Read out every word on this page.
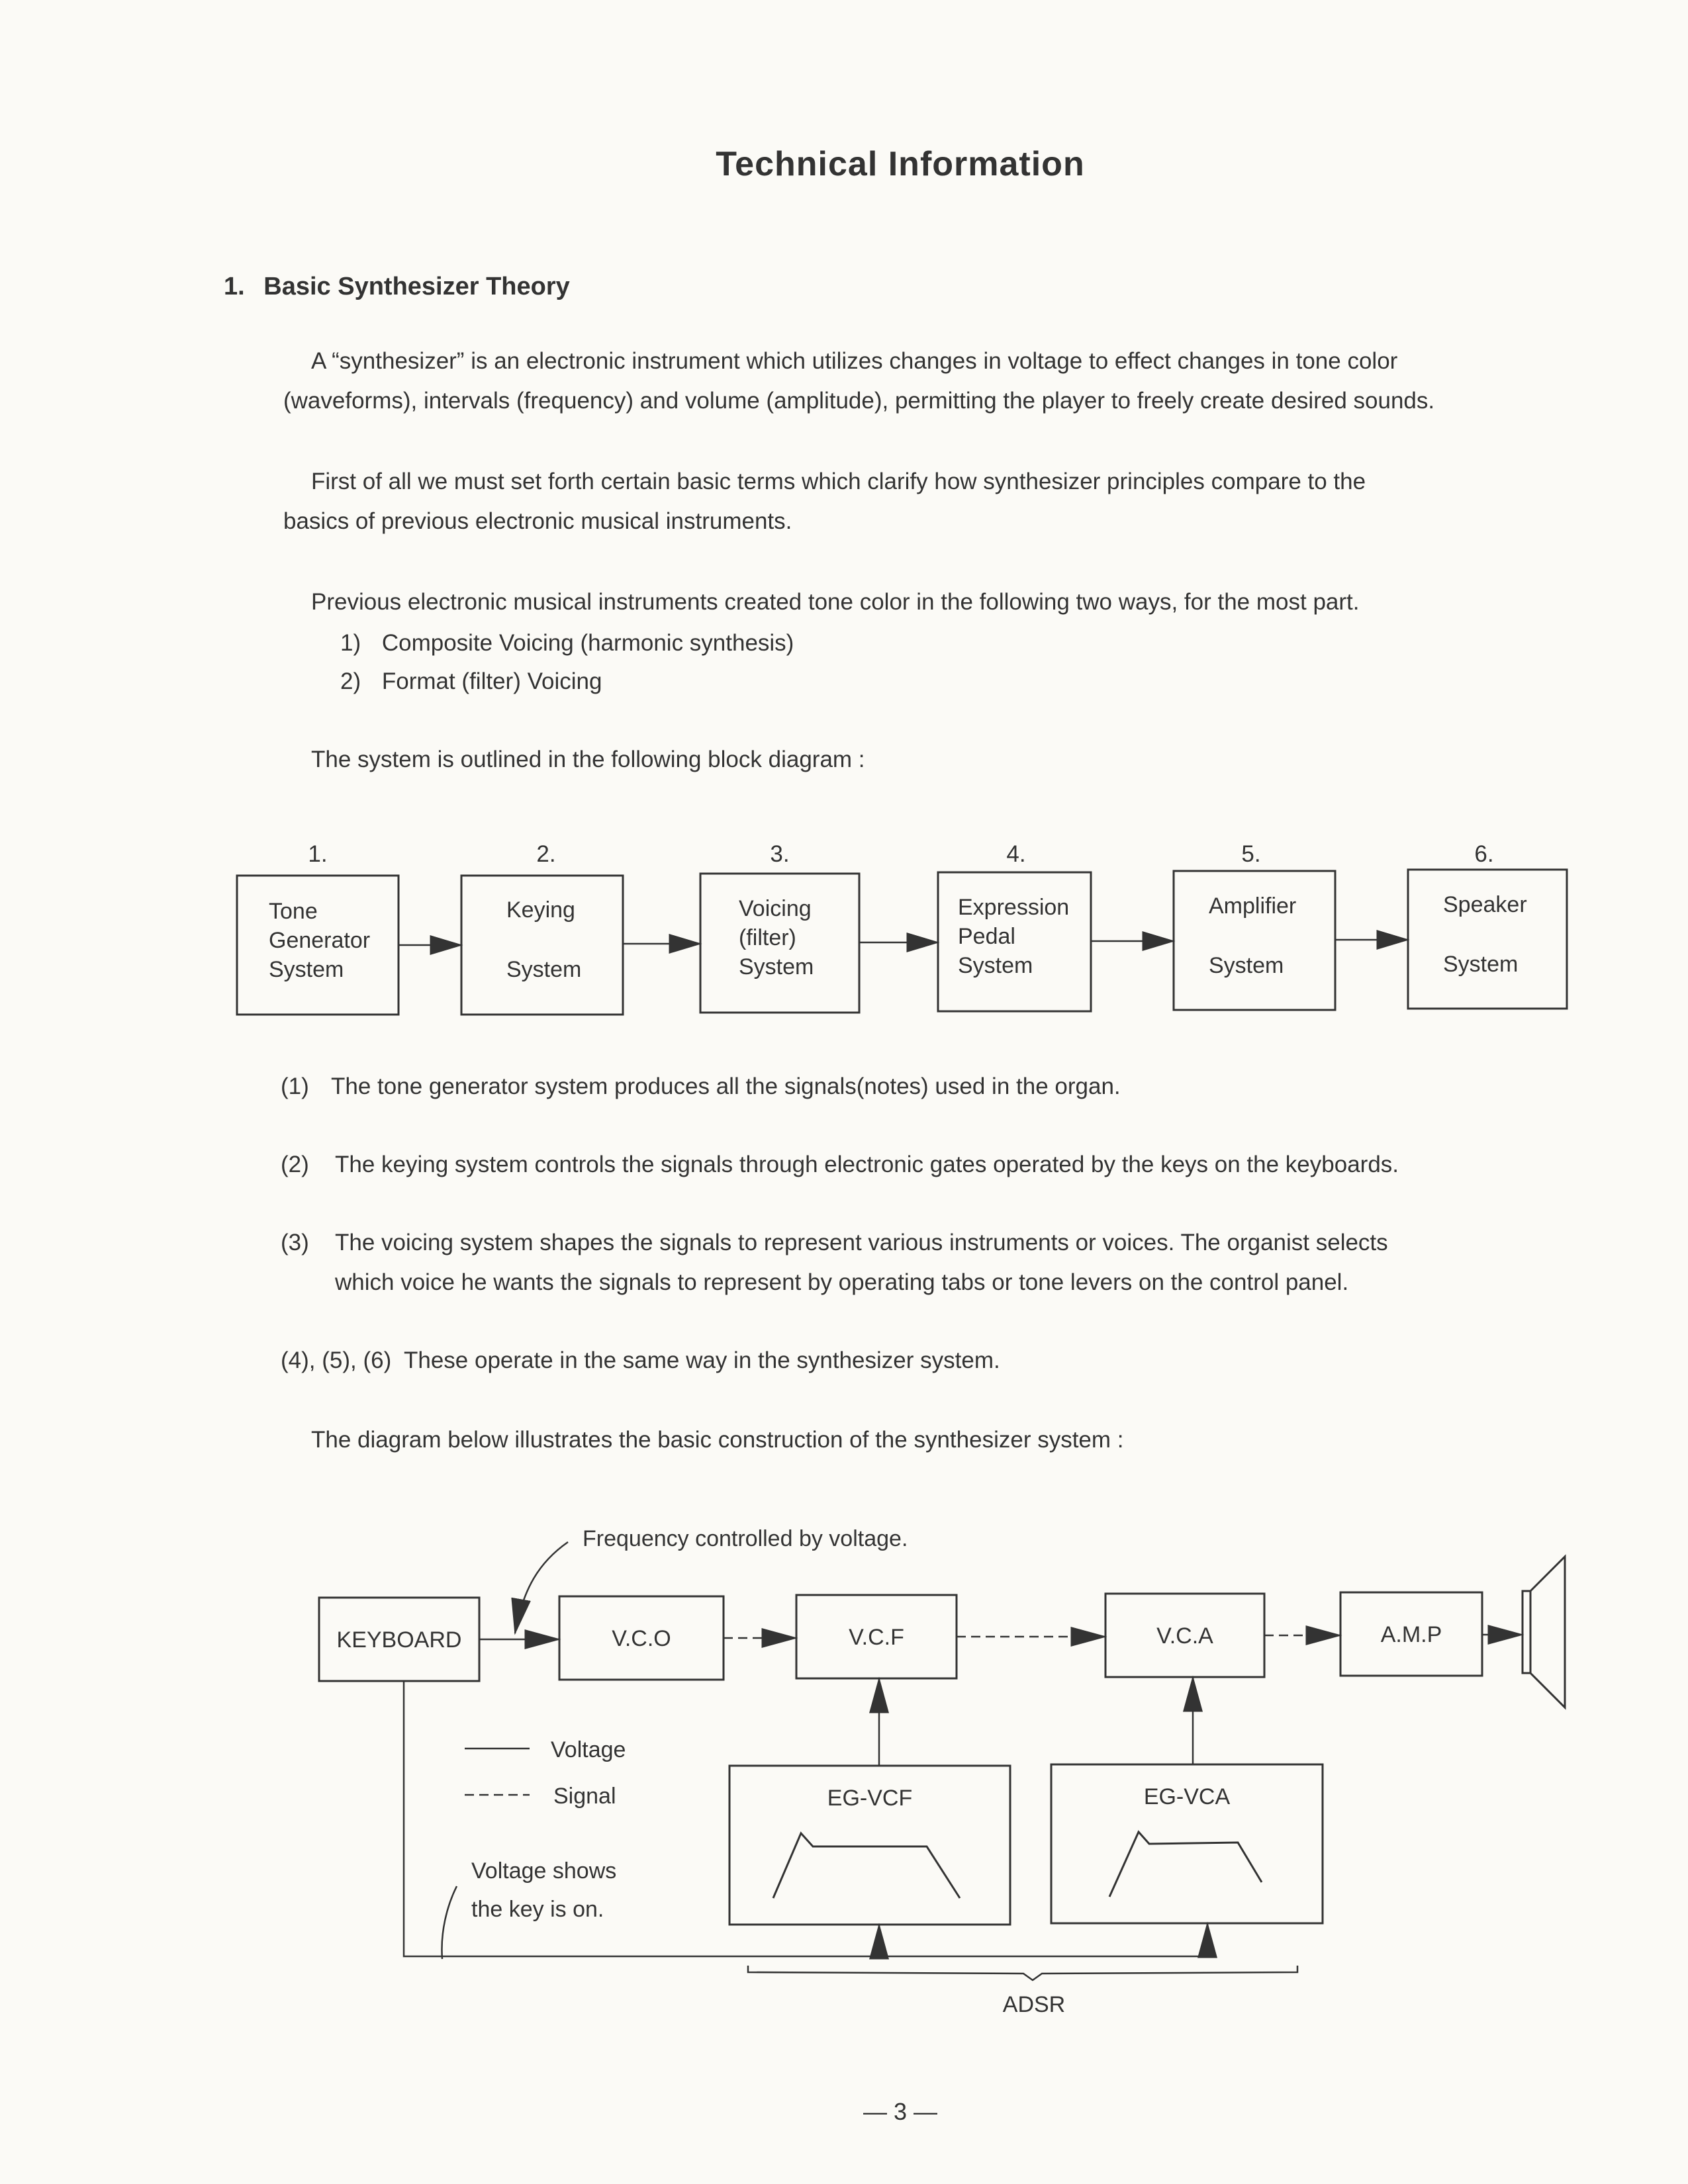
Technical Information
1. Basic Synthesizer Theory
A “synthesizer” is an electronic instrument which utilizes changes in voltage to effect changes in tone color
(waveforms), intervals (frequency) and volume (amplitude), permitting the player to freely create desired sounds.
First of all we must set forth certain basic terms which clarify how synthesizer principles compare to the
basics of previous electronic musical instruments.
Previous electronic musical instruments created tone color in the following two ways, for the most part.
1) Composite Voicing (harmonic synthesis)
2) Format (filter) Voicing
The system is outlined in the following block diagram :
1.	2.	3.	4.	5.	6.
Tone
Generator
System
Keying
System
Voicing
(filter)
System
Expression
Pedal
System
Amplifier
System
Speaker
System
(1) The tone generator system produces all the signals(notes) used in the organ.
(2) The keying system controls the signals through electronic gates operated by the keys on the keyboards.
(3) The voicing system shapes the signals to represent various instruments or voices. The organist selects
which voice he wants the signals to represent by operating tabs or tone levers on the control panel.
(4), (5), (6) These operate in the same way in the synthesizer system.
The diagram below illustrates the basic construction of the synthesizer system :
Frequency controlled by voltage.
KEYBOARD	V.C.O	V.C.F	V.C.A	A.M.P
EG-VCF	EG-VCA
Voltage
Signal
Voltage shows
the key is on.
ADSR
— 3 —
